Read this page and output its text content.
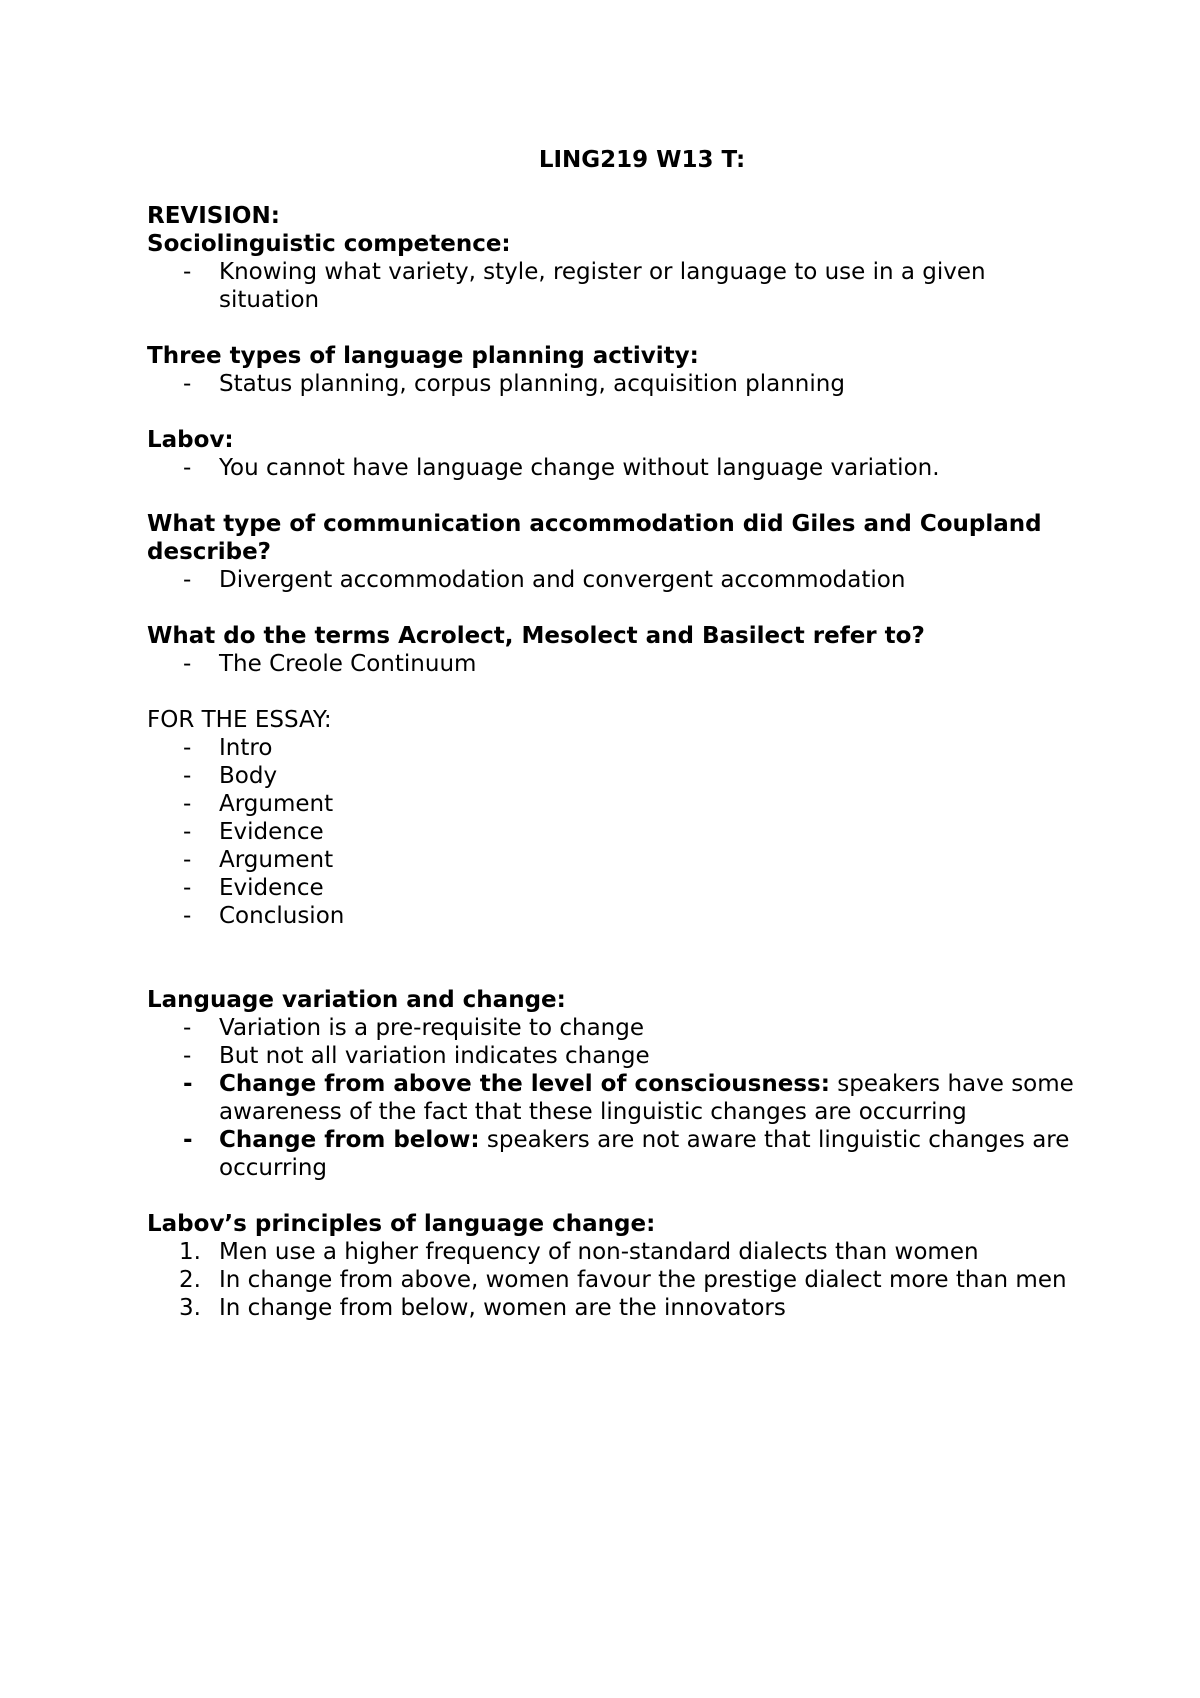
LING219 W13 T:

REVISION:

Sociolinguistic competence:

- Knowing what variety, style, register or language to use in a given situation

Three types of language planning activity:

- Status planning, corpus planning, acquisition planning

Labov:

- You cannot have language change without language variation.

What type of communication accommodation did Giles and Coupland describe?

- Divergent accommodation and convergent accommodation

What do the terms Acrolect, Mesolect and Basilect refer to?

- The Creole Continuum

FOR THE ESSAY:

- Intro
- Body
- Argument
- Evidence
- Argument
- Evidence
- Conclusion

Language variation and change:

- Variation is a pre-requisite to change
- But not all variation indicates change
- Change from above the level of consciousness: speakers have some awareness of the fact that these linguistic changes are occurring
- Change from below: speakers are not aware that linguistic changes are occurring

Labov’s principles of language change:

1. Men use a higher frequency of non-standard dialects than women
2. In change from above, women favour the prestige dialect more than men
3. In change from below, women are the innovators
